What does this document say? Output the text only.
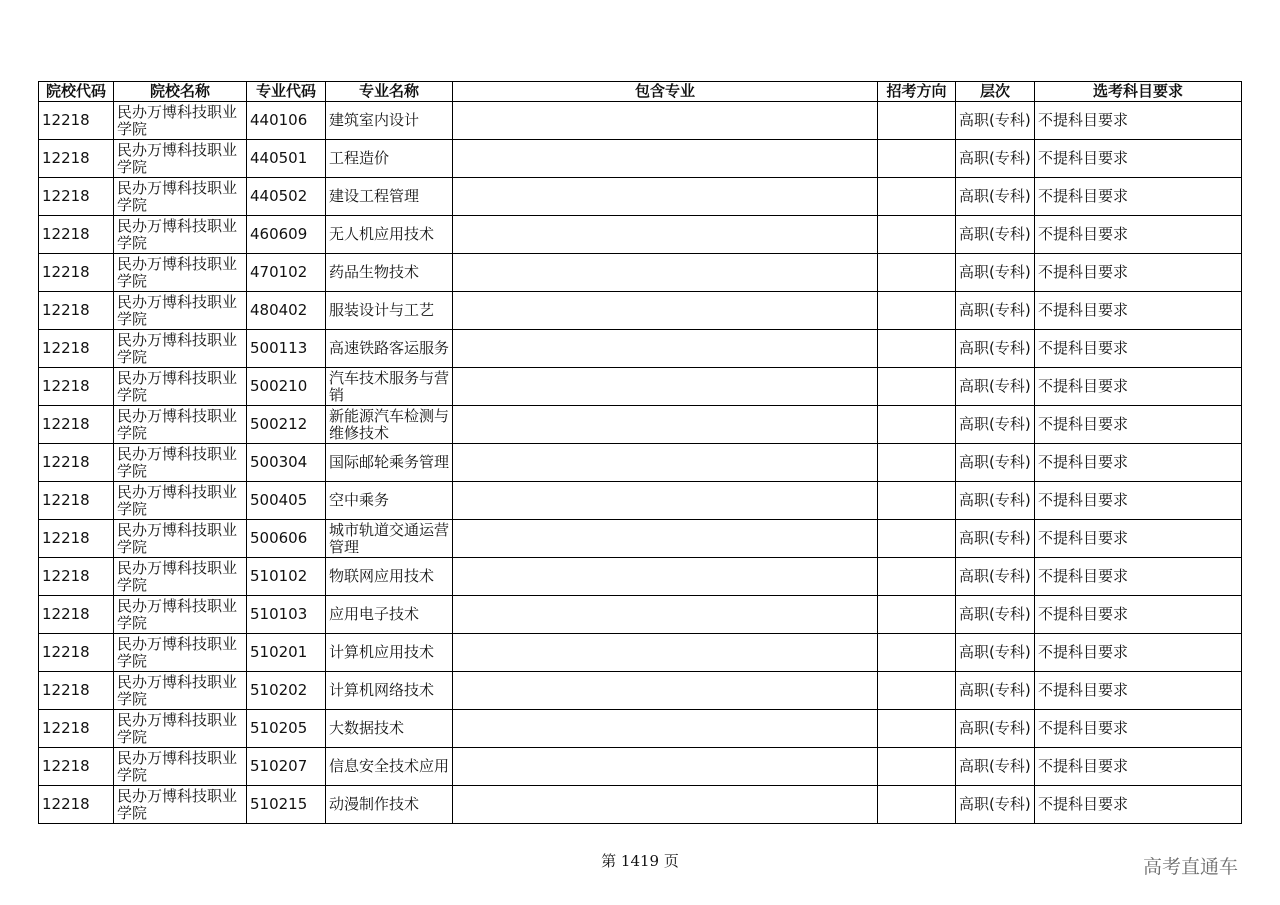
院校代码	院校名称	专业代码	专业名称	包含专业	招考方向	层次	选考科目要求
12218	民办万博科技职业学院	440106	建筑室内设计			高职(专科)	不提科目要求
12218	民办万博科技职业学院	440501	工程造价			高职(专科)	不提科目要求
12218	民办万博科技职业学院	440502	建设工程管理			高职(专科)	不提科目要求
12218	民办万博科技职业学院	460609	无人机应用技术			高职(专科)	不提科目要求
12218	民办万博科技职业学院	470102	药品生物技术			高职(专科)	不提科目要求
12218	民办万博科技职业学院	480402	服装设计与工艺			高职(专科)	不提科目要求
12218	民办万博科技职业学院	500113	高速铁路客运服务			高职(专科)	不提科目要求
12218	民办万博科技职业学院	500210	汽车技术服务与营销			高职(专科)	不提科目要求
12218	民办万博科技职业学院	500212	新能源汽车检测与维修技术			高职(专科)	不提科目要求
12218	民办万博科技职业学院	500304	国际邮轮乘务管理			高职(专科)	不提科目要求
12218	民办万博科技职业学院	500405	空中乘务			高职(专科)	不提科目要求
12218	民办万博科技职业学院	500606	城市轨道交通运营管理			高职(专科)	不提科目要求
12218	民办万博科技职业学院	510102	物联网应用技术			高职(专科)	不提科目要求
12218	民办万博科技职业学院	510103	应用电子技术			高职(专科)	不提科目要求
12218	民办万博科技职业学院	510201	计算机应用技术			高职(专科)	不提科目要求
12218	民办万博科技职业学院	510202	计算机网络技术			高职(专科)	不提科目要求
12218	民办万博科技职业学院	510205	大数据技术			高职(专科)	不提科目要求
12218	民办万博科技职业学院	510207	信息安全技术应用			高职(专科)	不提科目要求
12218	民办万博科技职业学院	510215	动漫制作技术			高职(专科)	不提科目要求
第 1419 页	高考直通车
